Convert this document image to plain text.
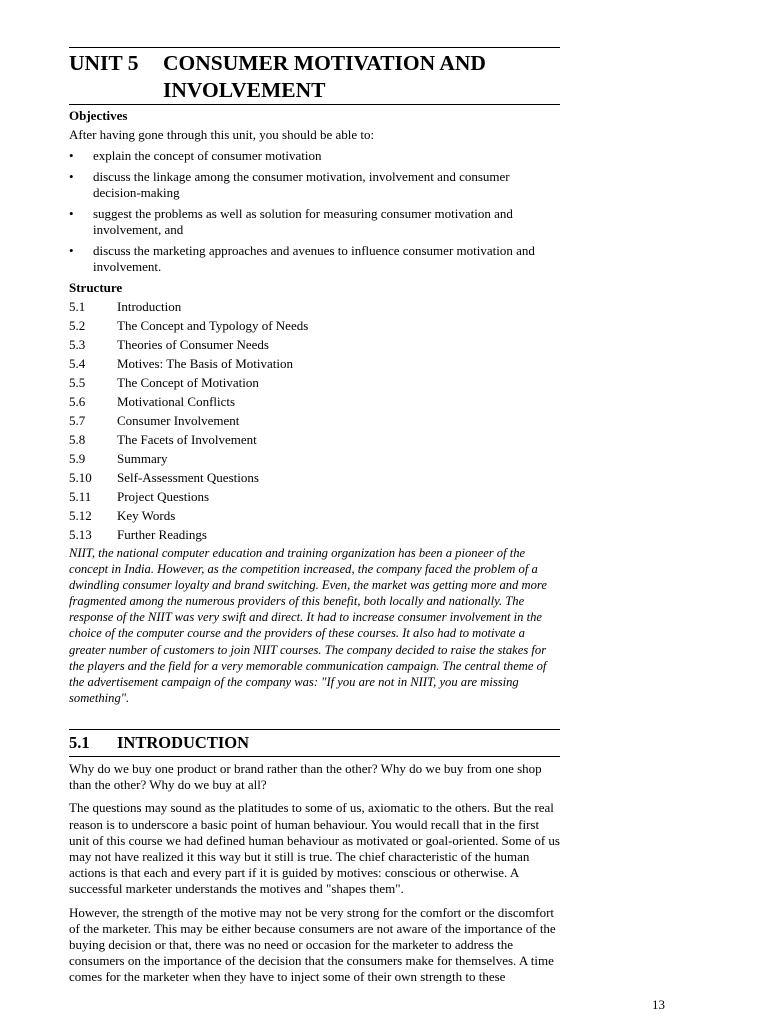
UNIT 5	CONSUMER MOTIVATION AND
INVOLVEMENT

Objectives

After having gone through this unit, you should be able to:

• explain the concept of consumer motivation
• discuss the linkage among the consumer motivation, involvement and consumer decision-making
• suggest the problems as well as solution for measuring consumer motivation and involvement, and
• discuss the marketing approaches and avenues to influence consumer motivation and involvement.

Structure

5.1	Introduction
5.2	The Concept and Typology of Needs
5.3	Theories of Consumer Needs
5.4	Motives: The Basis of Motivation
5.5	The Concept of Motivation
5.6	Motivational Conflicts
5.7	Consumer Involvement
5.8	The Facets of Involvement
5.9	Summary
5.10	Self-Assessment Questions
5.11	Project Questions
5.12	Key Words
5.13	Further Readings

NIIT, the national computer education and training organization has been a pioneer of the concept in India. However, as the competition increased, the company faced the problem of a dwindling consumer loyalty and brand switching. Even, the market was getting more and more fragmented among the numerous providers of this benefit, both locally and nationally. The response of the NIIT was very swift and direct. It had to increase consumer involvement in the choice of the computer course and the providers of these courses. It also had to motivate a greater number of customers to join NIIT courses. The company decided to raise the stakes for the players and the field for a very memorable communication campaign. The central theme of the advertisement campaign of the company was: "If you are not in NIIT, you are missing something".

5.1 INTRODUCTION

Why do we buy one product or brand rather than the other? Why do we buy from one shop than the other? Why do we buy at all?

The questions may sound as the platitudes to some of us, axiomatic to the others. But the real reason is to underscore a basic point of human behaviour. You would recall that in the first unit of this course we had defined human behaviour as motivated or goal-oriented. Some of us may not have realized it this way but it still is true. The chief characteristic of the human actions is that each and every part if it is guided by motives: conscious or otherwise. A successful marketer understands the motives and "shapes them".

However, the strength of the motive may not be very strong for the comfort or the discomfort of the marketer. This may be either because consumers are not aware of the importance of the buying decision or that, there was no need or occasion for the marketer to address the consumers on the importance of the decision that the consumers make for themselves. A time comes for the marketer when they have to inject some of their own strength to these

13
